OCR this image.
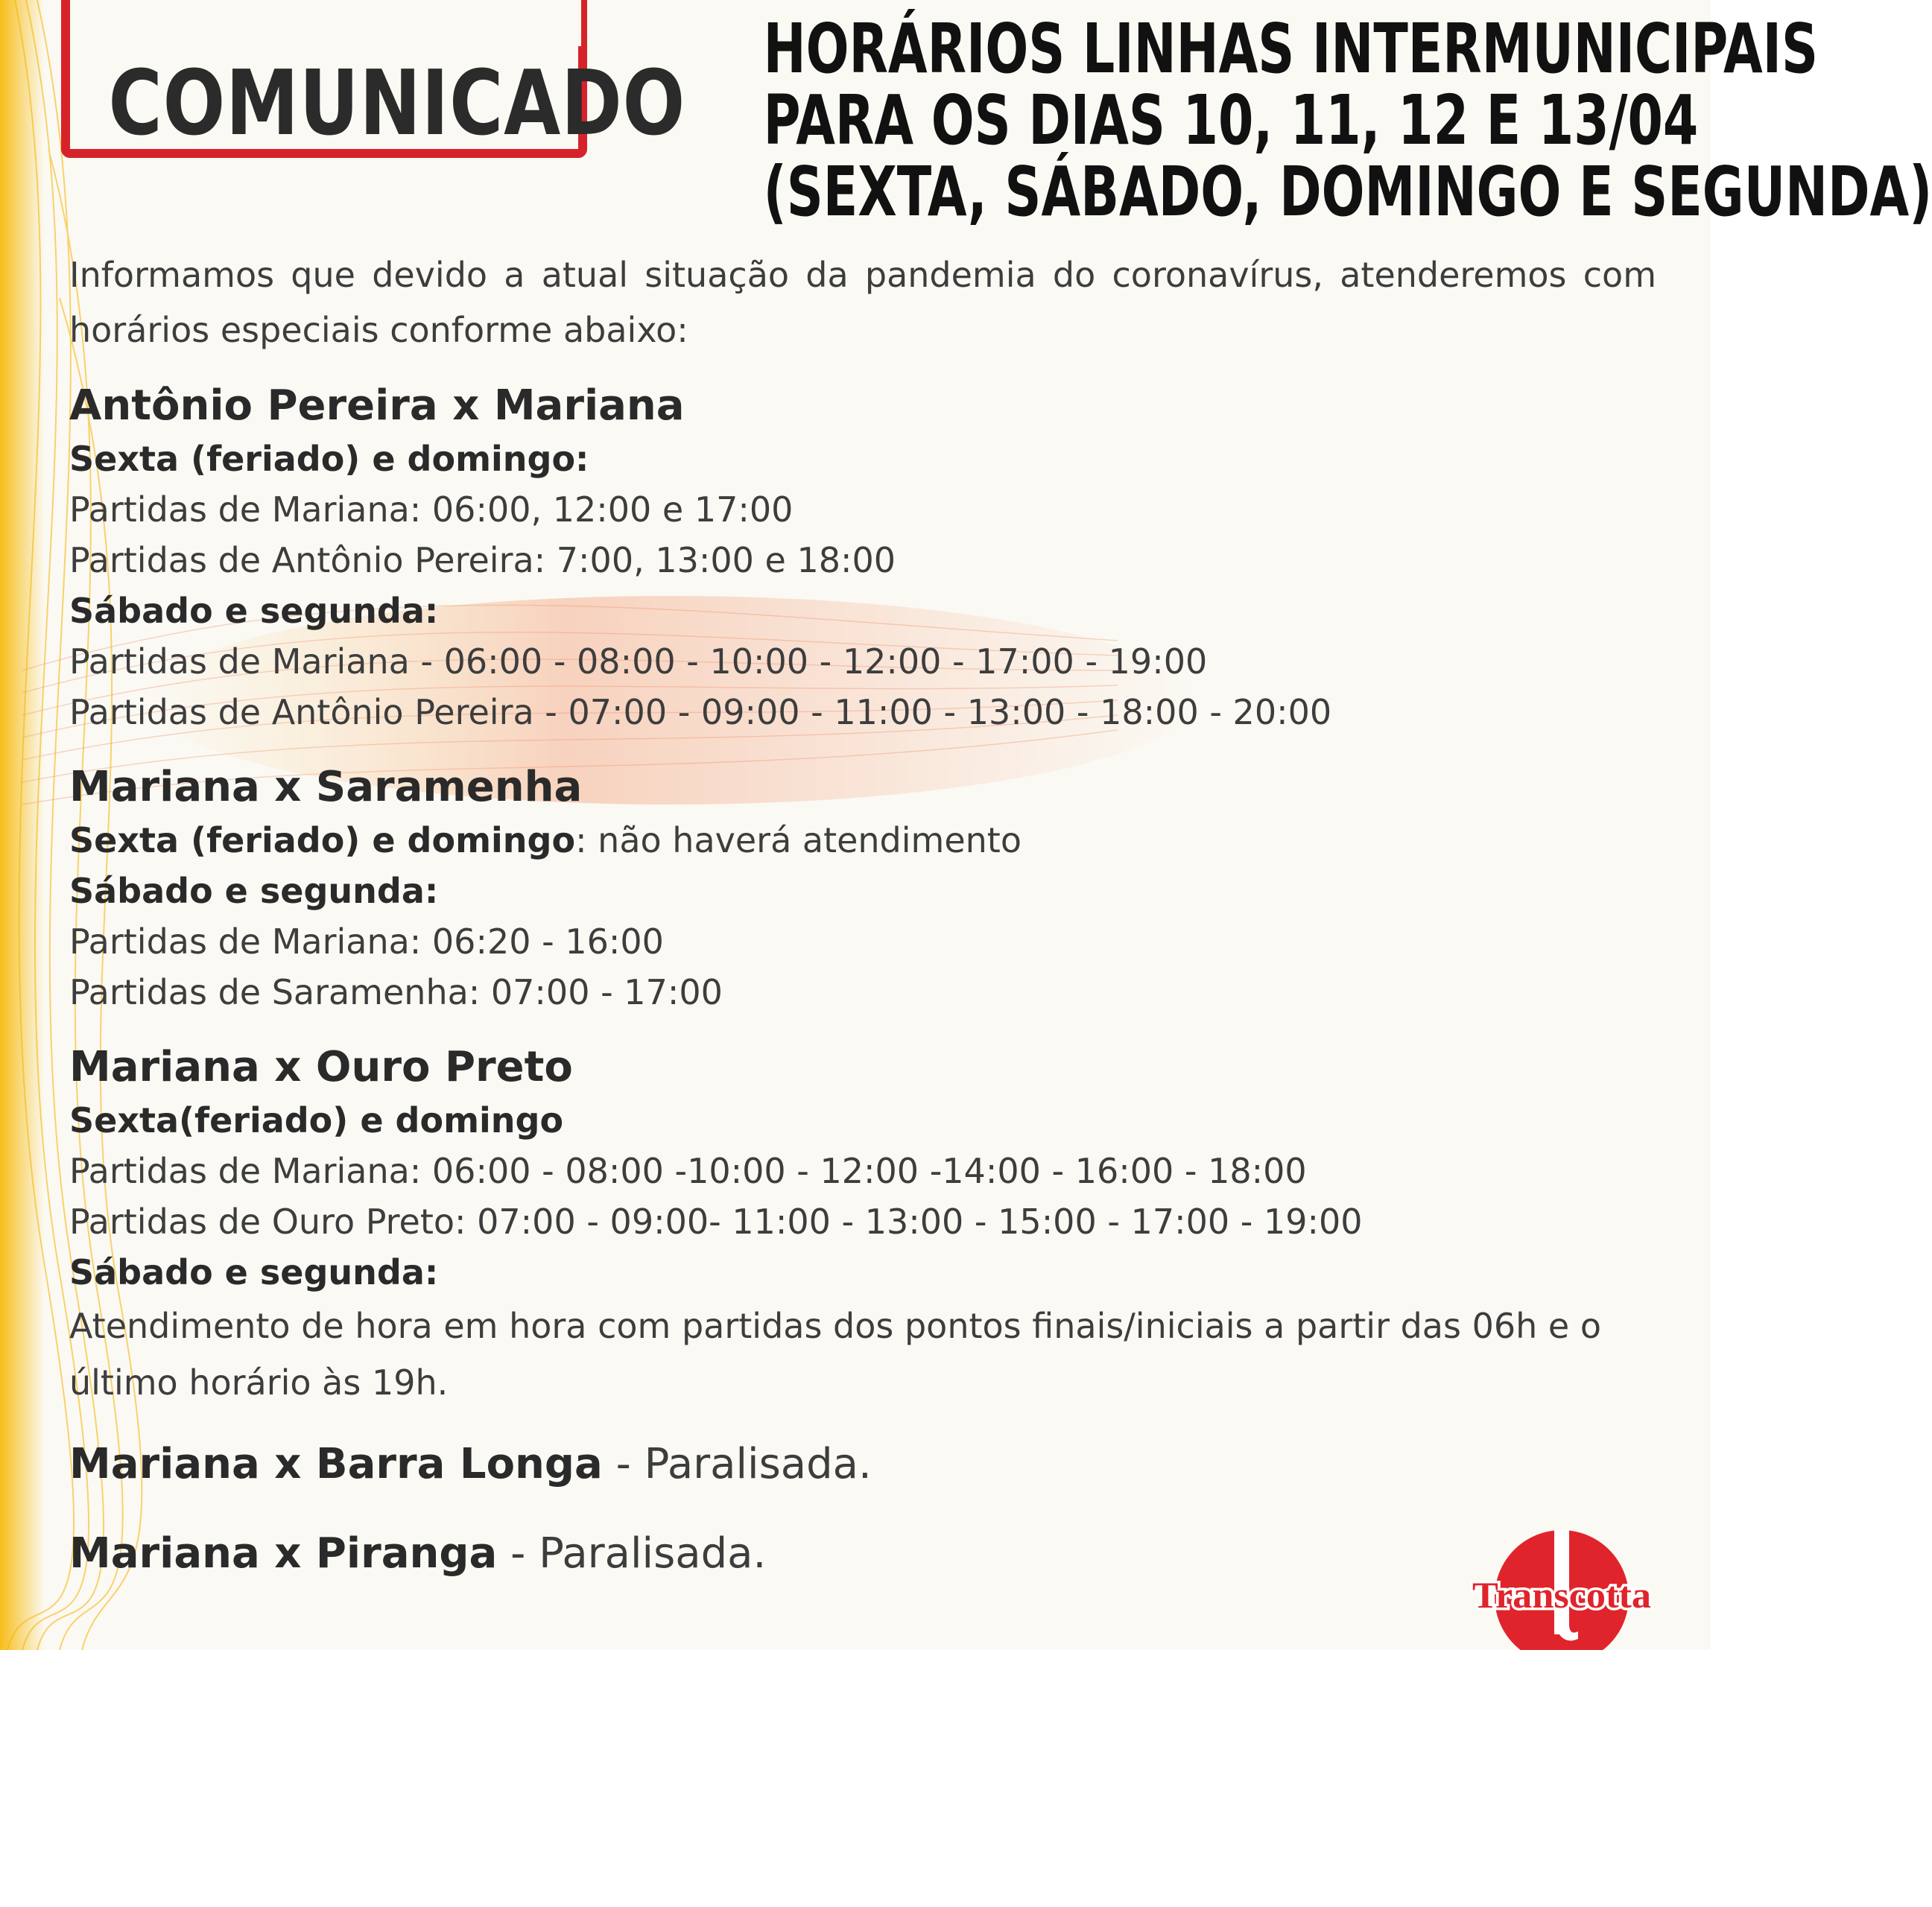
COMUNICADO
HORÁRIOS LINHAS INTERMUNICIPAIS
PARA OS DIAS 10, 11, 12 E 13/04
(SEXTA, SÁBADO, DOMINGO E SEGUNDA)

Informamos que devido a atual situação da pandemia do coronavírus, atenderemos com horários especiais conforme abaixo:

Antônio Pereira x Mariana

Sexta (feriado) e domingo:

Partidas de Mariana: 06:00, 12:00 e 17:00

Partidas de Antônio Pereira: 7:00, 13:00 e 18:00

Sábado e segunda:

Partidas de Mariana - 06:00 - 08:00 - 10:00 - 12:00 - 17:00 - 19:00

Partidas de Antônio Pereira - 07:00 - 09:00 - 11:00 - 13:00 - 18:00 - 20:00

Mariana x Saramenha

Sexta (feriado) e domingo: não haverá atendimento

Sábado e segunda:

Partidas de Mariana: 06:20 - 16:00

Partidas de Saramenha: 07:00 - 17:00

Mariana x Ouro Preto

Sexta(feriado) e domingo

Partidas de Mariana: 06:00 - 08:00 -10:00 - 12:00 -14:00 - 16:00 - 18:00

Partidas de Ouro Preto: 07:00 - 09:00- 11:00 - 13:00 - 15:00 - 17:00 - 19:00

Sábado e segunda:

Atendimento de hora em hora com partidas dos pontos finais/iniciais a partir das 06h e o último horário às 19h.

Mariana x Barra Longa - Paralisada.

Mariana x Piranga - Paralisada.

Transcotta
